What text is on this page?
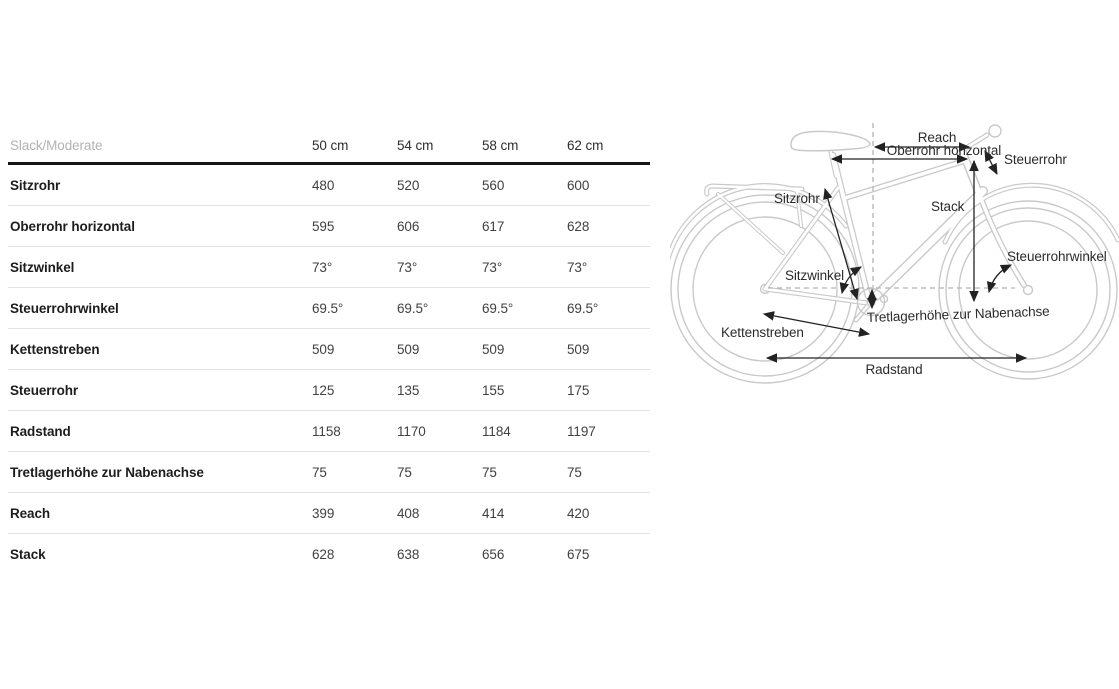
Slack/Moderate	50 cm	54 cm	58 cm	62 cm
Sitzrohr	480	520	560	600
Oberrohr horizontal	595	606	617	628
Sitzwinkel	73°	73°	73°	73°
Steuerrohrwinkel	69.5°	69.5°	69.5°	69.5°
Kettenstreben	509	509	509	509
Steuerrohr	125	135	155	175
Radstand	1158	1170	1184	1197
Tretlagerhöhe zur Nabenachse	75	75	75	75
Reach	399	408	414	420
Stack	628	638	656	675
Reach
Oberrohr horizontal
Steuerrohr
Stack
Sitzrohr
Sitzwinkel
Steuerrohrwinkel
Tretlagerhöhe zur Nabenachse
Kettenstreben
Radstand
